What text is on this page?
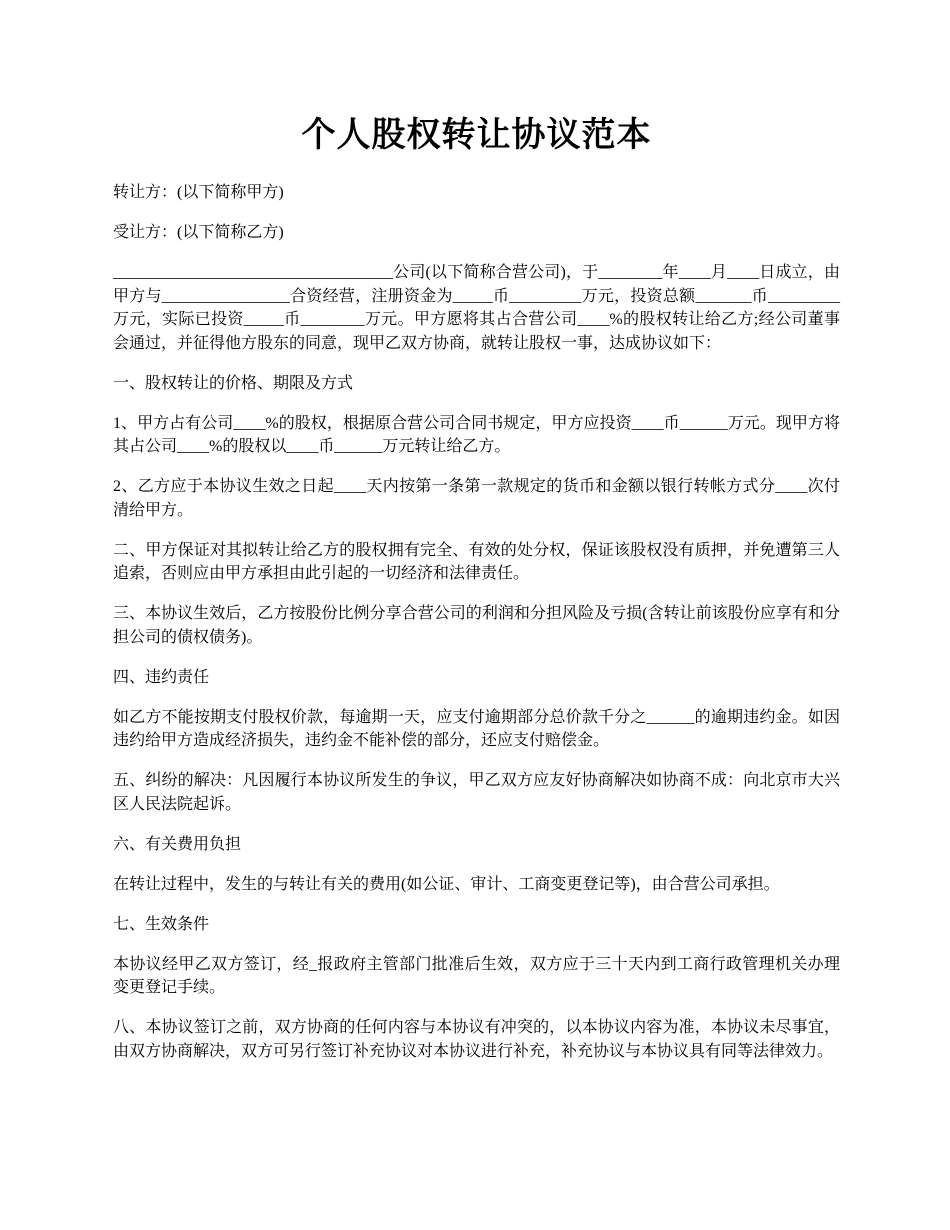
个人股权转让协议范本

转让方：(以下简称甲方)

受让方：(以下简称乙方)

___________________________________公司(以下简称合营公司)，于________年____月____日成立，由甲方与________________合资经营，注册资金为_____币_________万元，投资总额_______币_________万元，实际已投资_____币________万元。甲方愿将其占合营公司____%的股权转让给乙方;经公司董事会通过，并征得他方股东的同意，现甲乙双方协商，就转让股权一事，达成协议如下：

一、股权转让的价格、期限及方式

1、甲方占有公司____%的股权，根据原合营公司合同书规定，甲方应投资____币______万元。现甲方将其占公司____%的股权以____币______万元转让给乙方。

2、乙方应于本协议生效之日起____天内按第一条第一款规定的货币和金额以银行转帐方式分____次付清给甲方。

二、甲方保证对其拟转让给乙方的股权拥有完全、有效的处分权，保证该股权没有质押，并免遭第三人追索，否则应由甲方承担由此引起的一切经济和法律责任。

三、本协议生效后，乙方按股份比例分享合营公司的利润和分担风险及亏损(含转让前该股份应享有和分担公司的债权债务)。

四、违约责任

如乙方不能按期支付股权价款，每逾期一天，应支付逾期部分总价款千分之______的逾期违约金。如因违约给甲方造成经济损失，违约金不能补偿的部分，还应支付赔偿金。

五、纠纷的解决：凡因履行本协议所发生的争议，甲乙双方应友好协商解决如协商不成：向北京市大兴区人民法院起诉。

六、有关费用负担

在转让过程中，发生的与转让有关的费用(如公证、审计、工商变更登记等)，由合营公司承担。

七、生效条件

本协议经甲乙双方签订，经_报政府主管部门批准后生效，双方应于三十天内到工商行政管理机关办理变更登记手续。

八、本协议签订之前，双方协商的任何内容与本协议有冲突的，以本协议内容为准，本协议未尽事宜，由双方协商解决，双方可另行签订补充协议对本协议进行补充，补充协议与本协议具有同等法律效力。
